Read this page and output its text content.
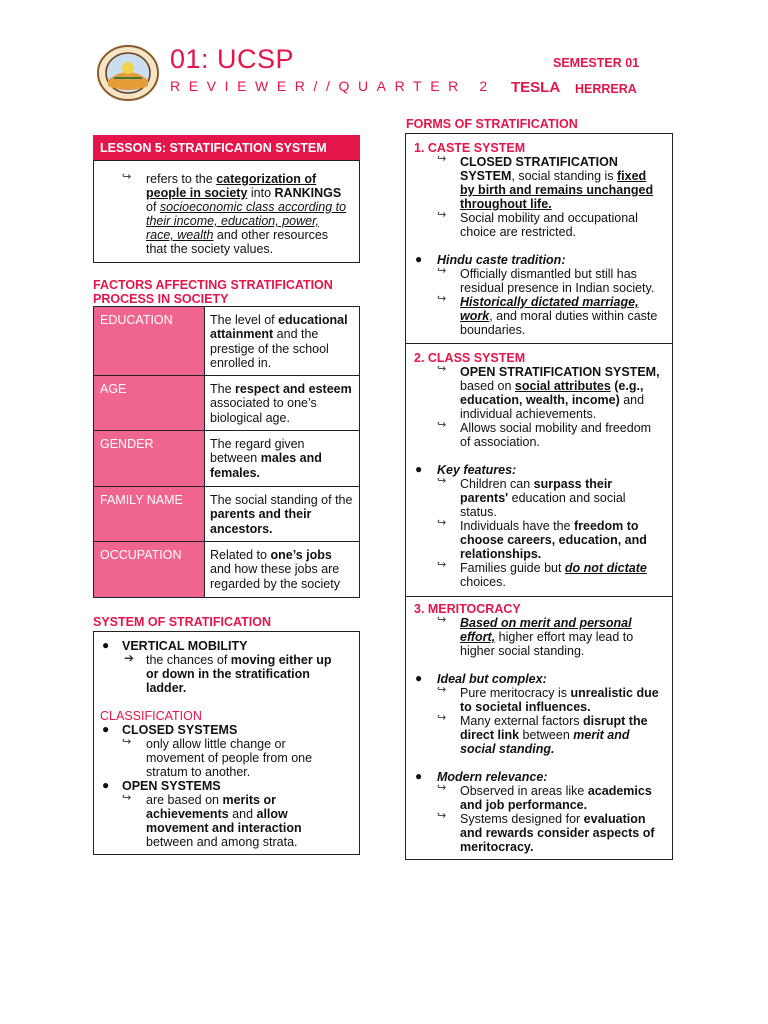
01: UCSP
REVIEWER//QUARTER 2
SEMESTER 01
TESLA HERRERA
LESSON 5: STRATIFICATION SYSTEM
↪ refers to the categorization of
people in society into RANKINGS
of socioeconomic class according to
their income, education, power,
race, wealth and other resources
that the society values.
FACTORS AFFECTING STRATIFICATION
PROCESS IN SOCIETY
EDUCATION	The level of educational attainment and the prestige of the school enrolled in.
AGE	The respect and esteem associated to one’s biological age.
GENDER	The regard given between males and females.
FAMILY NAME	The social standing of the parents and their ancestors.
OCCUPATION	Related to one’s jobs and how these jobs are regarded by the society
SYSTEM OF STRATIFICATION
● VERTICAL MOBILITY
➔ the chances of moving either up
or down in the stratification
ladder.
CLASSIFICATION
● CLOSED SYSTEMS
↪ only allow little change or
movement of people from one
stratum to another.
● OPEN SYSTEMS
↪ are based on merits or
achievements and allow
movement and interaction
between and among strata.
FORMS OF STRATIFICATION
1. CASTE SYSTEM
↪ CLOSED STRATIFICATION
SYSTEM, social standing is fixed
by birth and remains unchanged
throughout life.
↪ Social mobility and occupational
choice are restricted.
● Hindu caste tradition:
↪ Officially dismantled but still has
residual presence in Indian society.
↪ Historically dictated marriage,
work, and moral duties within caste
boundaries.
2. CLASS SYSTEM
↪ OPEN STRATIFICATION SYSTEM,
based on social attributes (e.g.,
education, wealth, income) and
individual achievements.
↪ Allows social mobility and freedom
of association.
● Key features:
↪ Children can surpass their
parents' education and social
status.
↪ Individuals have the freedom to
choose careers, education, and
relationships.
↪ Families guide but do not dictate
choices.
3. MERITOCRACY
↪ Based on merit and personal
effort, higher effort may lead to
higher social standing.
● Ideal but complex:
↪ Pure meritocracy is unrealistic due
to societal influences.
↪ Many external factors disrupt the
direct link between merit and
social standing.
● Modern relevance:
↪ Observed in areas like academics
and job performance.
↪ Systems designed for evaluation
and rewards consider aspects of
meritocracy.
